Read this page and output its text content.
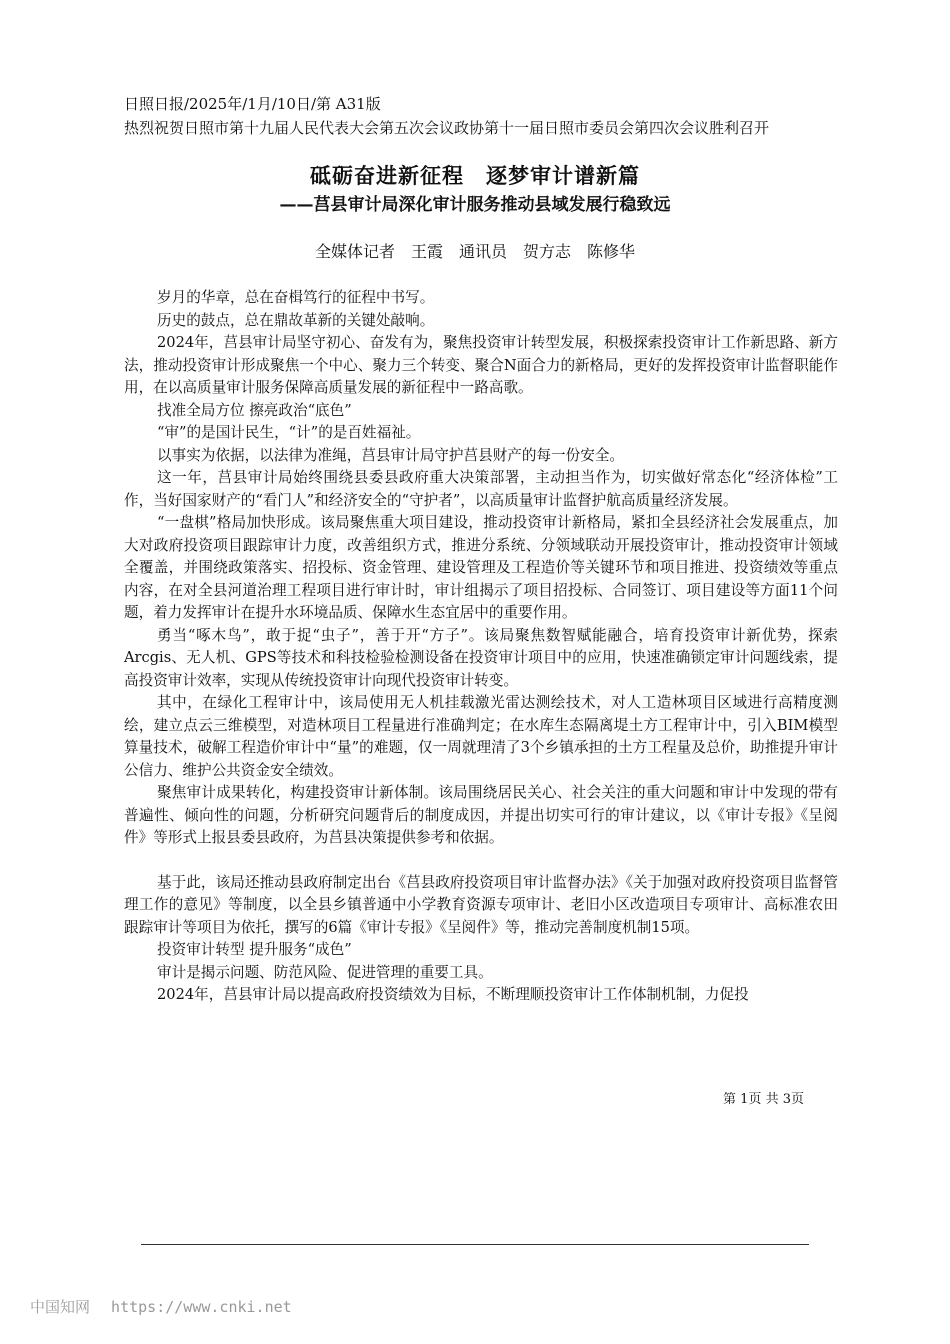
日照日报/2025年/1月/10日/第 A31版
热烈祝贺日照市第十九届人民代表大会第五次会议政协第十一届日照市委员会第四次会议胜利召开
砥砺奋进新征程　逐梦审计谱新篇
——莒县审计局深化审计服务推动县域发展行稳致远
全媒体记者　王霞　通讯员　贺方志　陈修华

岁月的华章，总在奋楫笃行的征程中书写。

历史的鼓点，总在鼎故革新的关键处敲响。

2024年，莒县审计局坚守初心、奋发有为，聚焦投资审计转型发展，积极探索投资审计工作新思路、新方法，推动投资审计形成聚焦一个中心、聚力三个转变、聚合N面合力的新格局，更好的发挥投资审计监督职能作用，在以高质量审计服务保障高质量发展的新征程中一路高歌。

找准全局方位 擦亮政治“底色”

“审”的是国计民生，“计”的是百姓福祉。

以事实为依据，以法律为准绳，莒县审计局守护莒县财产的每一份安全。

这一年，莒县审计局始终围绕县委县政府重大决策部署，主动担当作为，切实做好常态化“经济体检”工作，当好国家财产的“看门人”和经济安全的“守护者”，以高质量审计监督护航高质量经济发展。

“一盘棋”格局加快形成。该局聚焦重大项目建设，推动投资审计新格局，紧扣全县经济社会发展重点，加大对政府投资项目跟踪审计力度，改善组织方式，推进分系统、分领域联动开展投资审计，推动投资审计领域全覆盖，并围绕政策落实、招投标、资金管理、建设管理及工程造价等关键环节和项目推进、投资绩效等重点内容，在对全县河道治理工程项目进行审计时，审计组揭示了项目招投标、合同签订、项目建设等方面11个问题，着力发挥审计在提升水环境品质、保障水生态宜居中的重要作用。

勇当“啄木鸟”，敢于捉“虫子”，善于开“方子”。该局聚焦数智赋能融合，培育投资审计新优势，探索Arcgis、无人机、GPS等技术和科技检验检测设备在投资审计项目中的应用，快速准确锁定审计问题线索，提高投资审计效率，实现从传统投资审计向现代投资审计转变。

其中，在绿化工程审计中，该局使用无人机挂载激光雷达测绘技术，对人工造林项目区域进行高精度测绘，建立点云三维模型，对造林项目工程量进行准确判定；在水库生态隔离堤土方工程审计中，引入BIM模型算量技术，破解工程造价审计中“量”的难题，仅一周就理清了3个乡镇承担的土方工程量及总价，助推提升审计公信力、维护公共资金安全绩效。

聚焦审计成果转化，构建投资审计新体制。该局围绕居民关心、社会关注的重大问题和审计中发现的带有普遍性、倾向性的问题，分析研究问题背后的制度成因，并提出切实可行的审计建议，以《审计专报》《呈阅件》等形式上报县委县政府，为莒县决策提供参考和依据。

基于此，该局还推动县政府制定出台《莒县政府投资项目审计监督办法》《关于加强对政府投资项目监督管理工作的意见》等制度，以全县乡镇普通中小学教育资源专项审计、老旧小区改造项目专项审计、高标准农田跟踪审计等项目为依托，撰写的6篇《审计专报》《呈阅件》等，推动完善制度机制15项。

投资审计转型 提升服务“成色”

审计是揭示问题、防范风险、促进管理的重要工具。

2024年，莒县审计局以提高政府投资绩效为目标，不断理顺投资审计工作体制机制，力促投

第 1页 共 3页
中国知网 https://www.cnki.net
